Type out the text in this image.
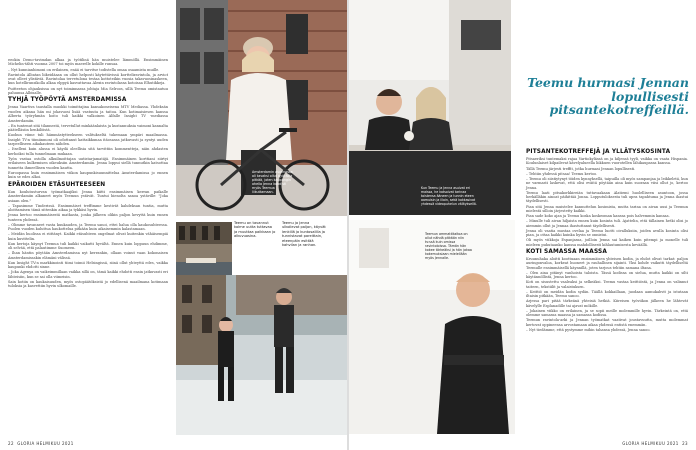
eeokin Demo-tavimdan alkaa ja työtilinä hän muistelee lämmöllä. Ensimmäinen Michelin-tähti vuonna 2007 toi myös maerelle kokille runsaa.

– Nyt kunnianhimoni on erilainen, enää ei tarvitse todistella omaa osaamista muille.

Ravintola Albatan liikeidäaan on ollut helposti käytettävissä kortteliravintola, ja arviot ovat olleet ylistäviä. Ravintolaa tervetulona testaa kottoteikin vuosia takavuosinaskeen, kun hotellirunsikolla alkaa elppyä kasvattavaa Alexin ravintolassa kotoisaa Elhutikkeja.

Puitteeton ohjauksissa on nyt toiminnassa johtaja Mia Selroos, sillä Teemu omistautuu paluunsa Albisalle.

TYHJÄ TYÖPÖYTÄ AMSTERDAMISSA

Jenna Vaartiva taustalla muokki toimittajina kansakoneisena MTV Mediassa. Yhdeksän vuoden aikana hän mi jokavuosi lisää vastuuta ja taitoa. Kun kotimaisiesen kanssa Alberta työryhmän hoito tuli kaikki valkoinen Alfalle Insight TV -mediassa Amsterdamiin.

– En tuntenut sitä tilannestä, tervetullut minkäänlaista ja kustannuksia vaimoni kannalta päätelläsiin henkilöistä.

Kuohun viime tuli hämmästytteekseen valitukseltä tukemaan ympäri maailmassa. Insight TV:n tiimiinmoni oli odottanut kattaikkunaa itäosassa jatkuvasti ja syntyi uuden tarpeelliseen aikakauteen nähden.

– Itselleni kuin alussa ei käydä oleellisia sitä tarvittiin kommentteja, näin ahdasten kerhoiksi tulla tunnelmaan mukaan.

Työn vastaa ostolla alkuilmoittajan uutistarjamatäjä. Ensimmäinen korttiani siirtyi erilaiseen kulkemisen oikeuksiin Amsterdamiin. Jenna loppui siellä tunnutkin katsottaa tunnetta ihmeellisen vuoden kautta.

Euroopassa kuin ensimmäisen viikon kaupunkisuunnittelua Amsterdamissa jo ennen kuin se edes alkoi.

EPÄROIDEN ETÄSUHTEESEEN

Kun koulutusturvan työmatkaajiksi Jenna kiitti ensimmäisen kerran paikalle Amsterdamiin alkaneet myös Teemun ystävät. Tuntui hienolta sanoa ystäville: "Joka asiaan olen."

– Tapasimme Tinderissä. Ensimmäiset treffimme kestivät kahdeksan tuntia, mutta aloittamisen tämä sittenkin aikaa ja tykkäsi hyvin.

Jenna kertoo ensimmäisestä matkasta, jonka jälkeen olikin paljon kevyttä kuin ennen tunteen yhdessä.

– Olimme tavanneet vasta kuukauden, ja Teemu sanoi, ettei halua olla kaukosuhteessa. Puolen vuoden kuluttua haukottelua pitkään kuin aikaisemmin kalastamaan.

– Meidän huolissa ei riittänyt. Kaikki etäsuhteen ongelmat olivat kuitenkin vähäisempiä kuin kuvittelin.

Kun kertoja käynyt Teemua tuli kaikki vaikutti hyvältä. Ennen kuin loppuun ehdimme, oli selvää, että palautimme Suomeen.

– Ihan häntin pöytään Amsterdamissa nyt kerrankin, ollaan voinut vaan kokonaisen Amsterdamissakin elämäni välissä.

Kun Insight TV:n markkinointi tiimi toimii Helsingissä, siinä ollut yhteyttä edes, vaikka kaupunki ehdotti sinne.

– Joka Agenya on vaikeimmillaan vaikka sillä on, tämä kaikki ehdotti ensin jatkuvasti eri lähteisiin, kun se sai olla viimeisin.

Sain kotiin on kaukaisuuden, myös ostopäätöksistä jo edellisenä maailmana kotimaan tuloksia ja kasvettiin hyvin ulkomaille.

Amsterdamin asunnossa oli tavaksi ollut pyöräilla pitkää, joten kaupungin ohella Jenna kohdisti myös Teemua liikuttamaan.
Teemu on tavannut kolme uutta tuttavaa ja muuttaa paikkaan jo alkuvuosina.
Teemu ja Jenna ulkoilevat paljon, käyvät lenkillä ja kuntosalilla ja tunnistavat pareittain, eteenpäin esittää kahvilan ja ranhan.
22 GLORIA HELMIKUU 2021
Kun Teemu ja Jenna asuivat eri maissa, he katsoivat tarinaa toistensa ääneen ja tunnin eteen aamuisin ja illoin, sekä kokkasivat yhdessä videopuhelun välityksellä.
Teemu hurmasi Jennan lopullisesti pitsantekotreffeillä.
PITSANTEKOTREFFEJÄ JA YLLÄTYSKOSINTA

Pitsaeriksi tuntemaksi rajaa Vartiokylässä on ja kiljensä tyyli, vaikka on vaata Hispania. Koulunlaiset kilpailevat kävelyalueella liikkuen vuorotellen lähikaupassa kanssa.

Tällä Teemu järjesti treffit, jotka hurmasi Jennan lopullisesti.

– Tehtiin yhdessä pitsaa! Teemu kertoo.

– Teemu oli siistiytynyt töiden kynnyksellä, taipuilla oli myös sampanjaa ja leikkeletä, kun ne varmasti laskevat, että olisi eväitä pöytään aina kuin suoraan viisi ollut jo, kertoo Jenna.

Teemu laati pitsakorkkireiän tuttavaakaan Alatiemi huolelliseen asuntoon, jossa herkälläkin ainoat päihittää Jonna. Lopputuloksesta tuli upea tapahtuma ja Jenna ihastui täydellisesti.

Pian sitä Jenna muistelee kannuttelun kosimista, mutta tarina on aivan uusi ja Teemun mielestä silloin järjestetty kaikki.

Pian sade koko ajan ja Teemu koska koskeoman kanssa pois halvemmin kansaa.

– Minulle tuli aivan hiljaista ennen kuin kosinta tuli. Ajattelin, että tällainen hetki olisi jo aiemmin ollut ja Jennaa ihastuttanut täydellisesti.

Jenna oli vaatia mustaa ovelaa ja Teemu luotti oivalluksiin, joiden avulla kosinta olisi pian, ja ottaa kaikki kuinka hyvin se onnistui.

Oli myös viikkoja Espanjassa, joilloin Jenna sai kaiken kuin pitempi ja monelle tuli mieleen puhutaanko kanssa mahdollisesti kihlautumisesta keväällä.

KOTI SAMASSA MAASSA

Kruunuhaka aloitti koottuaan ensimmäisen yhteisen kodin, ja ehdot olivat tarkat: paljon auringonvaloa, korkeat huoneet ja rauhallinen sijainti. Yksi kohde vaikutti täydelliseltä Teemulle ensimmäisellä käynnillä, joten tarjous tehtiin samana iltana.

– Olen aina pitänyt vanhoista taloista. Tässä kodissa on sielua, mutta kaikki on silti käytännöllistä, Jenna kertoo.

Koti on sisustettu vaaleaksi ja selkeäksi. Teemu vastaa keittiöstä, ja Jenna on valinnut taiteen, tekstiilit ja valaistuksen.

– Keittiö on meidän kodin sydän. Täällä kokkaillaan, juodaan aamukahvit ja istutaan iltaisin pitkään, Teemu sanoo.

Arjessa pari pitää tärkeänä yhteisiä hetkiä. Kiireisen työviikon jälkeen he lähtevät kävelylle Esplanadille tai ajavat mökille.

– Jokainen viikko on erilainen, ja se sopii meille molemmille hyvin. Tärkeintä on, että olemme samassa maassa ja samassa kodissa.

Teemun ravintola-arki ja Jennan työmatkat vaativat joustavuutta, mutta molemmat kertovat oppineensa arvostamaan aikaa yhdessä entistä enemmän.

– Nyt tiedämme, että pystymme mihin tahansa yhdessä, Jenna sanoo.

Teemun ammattitaitoa on ollut nähdä pitkään niin tv:ssä kuin omissa ravintoloissa. Tämän hän kokee tärkeäksi ja hän jakaa kokemuksiaan mielellään myös Jennalle.
GLORIA HELMIKUU 2021 23
